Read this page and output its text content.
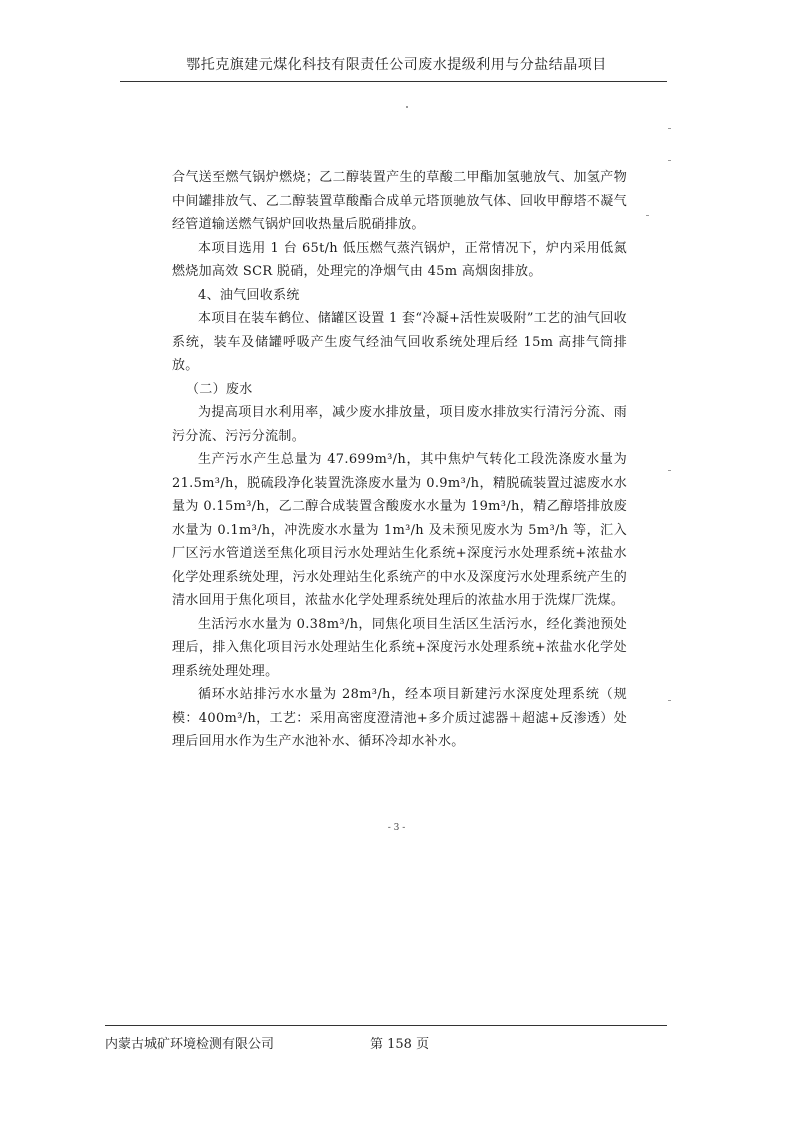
鄂托克旗建元煤化科技有限责任公司废水提级利用与分盐结晶项目

合气送至燃气锅炉燃烧；乙二醇装置产生的草酸二甲酯加氢驰放气、加氢产物中间罐排放气、乙二醇装置草酸酯合成单元塔顶驰放气体、回收甲醇塔不凝气经管道输送燃气锅炉回收热量后脱硝排放。

本项目选用 1 台 65t/h 低压燃气蒸汽锅炉，正常情况下，炉内采用低氮燃烧加高效 SCR 脱硝，处理完的净烟气由 45m 高烟囱排放。

4、油气回收系统

本项目在装车鹤位、储罐区设置 1 套“冷凝+活性炭吸附”工艺的油气回收系统，装车及储罐呼吸产生废气经油气回收系统处理后经 15m 高排气筒排放。

（二）废水

为提高项目水利用率，减少废水排放量，项目废水排放实行清污分流、雨污分流、污污分流制。

生产污水产生总量为 47.699m³/h，其中焦炉气转化工段洗涤废水量为 21.5m³/h，脱硫段净化装置洗涤废水量为 0.9m³/h，精脱硫装置过滤废水水量为 0.15m³/h，乙二醇合成装置含酸废水水量为 19m³/h，精乙醇塔排放废水量为 0.1m³/h，冲洗废水水量为 1m³/h 及未预见废水为 5m³/h 等，汇入厂区污水管道送至焦化项目污水处理站生化系统+深度污水处理系统+浓盐水化学处理系统处理，污水处理站生化系统产的中水及深度污水处理系统产生的清水回用于焦化项目，浓盐水化学处理系统处理后的浓盐水用于洗煤厂洗煤。

生活污水水量为 0.38m³/h，同焦化项目生活区生活污水，经化粪池预处理后，排入焦化项目污水处理站生化系统+深度污水处理系统+浓盐水化学处理系统处理处理。

循环水站排污水水量为 28m³/h，经本项目新建污水深度处理系统（规模：400m³/h，工艺：采用高密度澄清池+多介质过滤器＋超滤+反渗透）处理后回用水作为生产水池补水、循环冷却水补水。

- 3 -
内蒙古城矿环境检测有限公司	第 158 页
